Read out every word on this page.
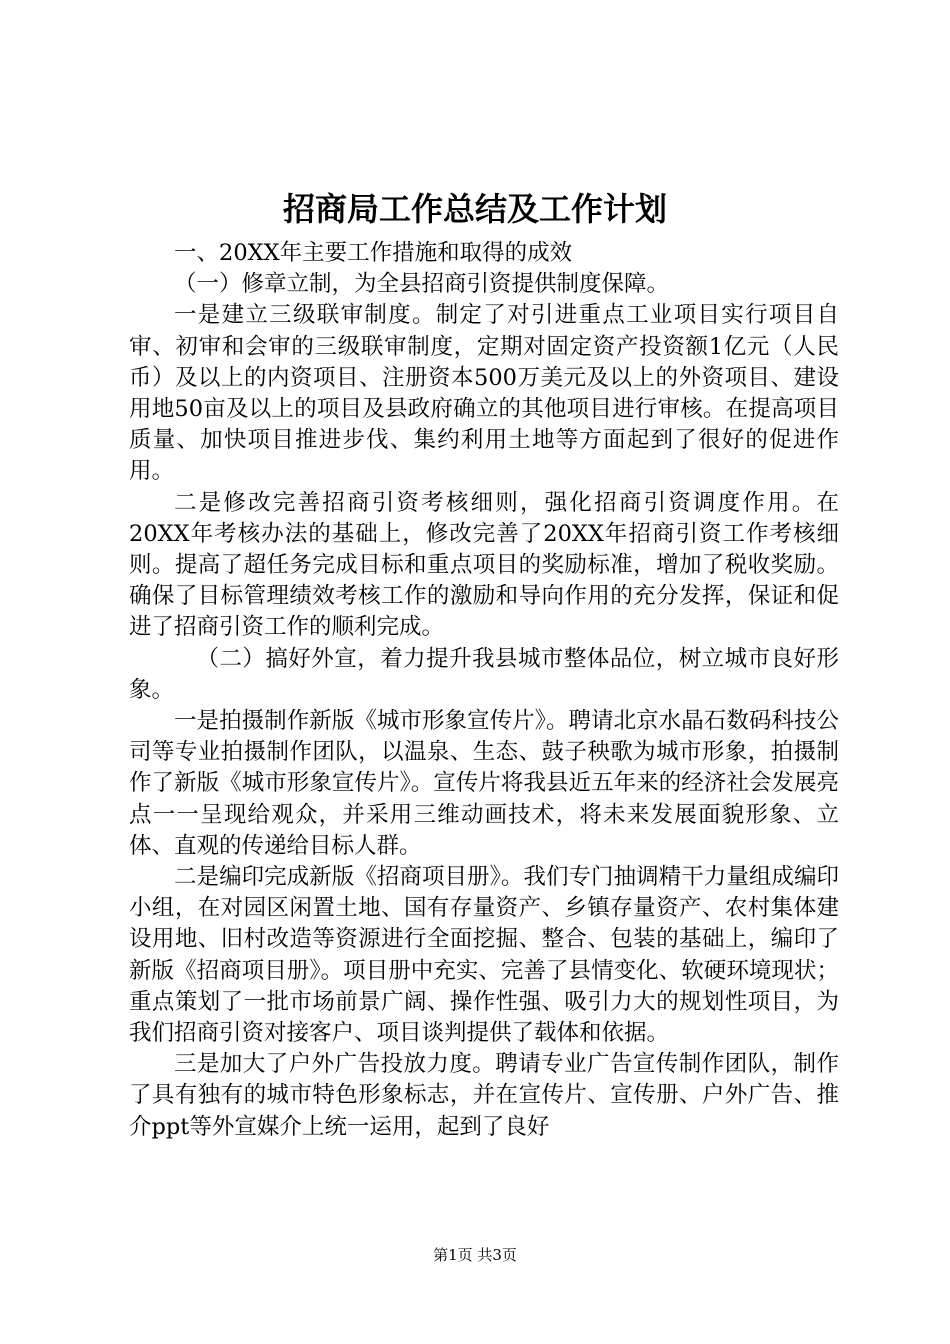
招商局工作总结及工作计划

一、20XX年主要工作措施和取得的成效

（一）修章立制，为全县招商引资提供制度保障。

一是建立三级联审制度。制定了对引进重点工业项目实行项目自审、初审和会审的三级联审制度，定期对固定资产投资额1亿元（人民币）及以上的内资项目、注册资本500万美元及以上的外资项目、建设用地50亩及以上的项目及县政府确立的其他项目进行审核。在提高项目质量、加快项目推进步伐、集约利用土地等方面起到了很好的促进作用。

二是修改完善招商引资考核细则，强化招商引资调度作用。在20XX年考核办法的基础上，修改完善了20XX年招商引资工作考核细则。提高了超任务完成目标和重点项目的奖励标准，增加了税收奖励。确保了目标管理绩效考核工作的激励和导向作用的充分发挥，保证和促进了招商引资工作的顺利完成。

（二）搞好外宣，着力提升我县城市整体品位，树立城市良好形象。

一是拍摄制作新版《城市形象宣传片》。聘请北京水晶石数码科技公司等专业拍摄制作团队，以温泉、生态、鼓子秧歌为城市形象，拍摄制作了新版《城市形象宣传片》。宣传片将我县近五年来的经济社会发展亮点一一呈现给观众，并采用三维动画技术，将未来发展面貌形象、立体、直观的传递给目标人群。

二是编印完成新版《招商项目册》。我们专门抽调精干力量组成编印小组，在对园区闲置土地、国有存量资产、乡镇存量资产、农村集体建设用地、旧村改造等资源进行全面挖掘、整合、包装的基础上，编印了新版《招商项目册》。项目册中充实、完善了县情变化、软硬环境现状；重点策划了一批市场前景广阔、操作性强、吸引力大的规划性项目，为我们招商引资对接客户、项目谈判提供了载体和依据。

三是加大了户外广告投放力度。聘请专业广告宣传制作团队，制作了具有独有的城市特色形象标志，并在宣传片、宣传册、户外广告、推介ppt等外宣媒介上统一运用，起到了良好

第1页 共3页
